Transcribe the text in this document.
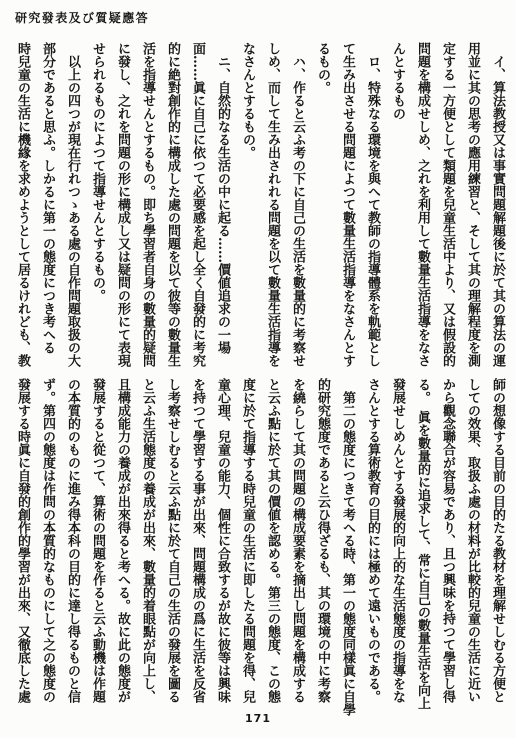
研究發表及び質疑應答
イ、算法教授又は事實問題解題後に於て其の算法の運
用並に其の思考の應用練習と、そして其の理解程度を測
定する一方便として類題を兒童生活中より、又は假設的
問題を構成せしめ、之れを利用して數量生活指導をなさ
んとするもの
ロ、特殊なる環境を與へて教師の指導體系を軌範とし
て生み出させる問題によつて數量生活指導をなさんとす
るもの。
ハ、作ると云ふ考の下に自己の生活を數量的に考察せ
しめ、而して生み出されれる問題を以て數量生活指導を
なさんとするもの。
ニ、自然的なる生活の中に起る……價値追求の一場
面……眞に自己に依つて必要感を起し全く自發的に考究
的に絶對創作的に構成した處の問題を以て彼等の數量生
活を指導せんとするもの。即ち學習者自身の數量的疑問
に發し、之れを問題の形に構成し又は疑問の形にて表現
せられるものによつて指導せんとするもの。
以上の四つが現在行れつゝある處の自作問題取扱の大
部分であると思ふ。しかるに第一の態度につき考へる
時兒童の生活に機緣を求めようとして居るけれども、教
師の想像する目前の目的たる教材を理解せしむる方便と
しての效果、取扱ふ處の材料が比較的兒童の生活に近い
から觀念聯合が容易であり、且つ興味を持つて學習し得
る。　眞を數量的に追求して、常に自己の數量生活を向上
發展せしめんとする發展的向上的な生活態度の指導をな
さんとする算術教育の目的には極めて遠いものである。
第二の態度につきて考へる時、第一の態度同樣眞に自學
的研究態度であると云ひ得ざるも、其の環境の中に考察
を繞らして其の問題の構成要素を摘出し問題を構成する
と云ふ點に於て其の價値を認める。第三の態度、この態
度に於て指導する時兒童の生活に即したる問題を得、兒
童心理、兒童の能力、個性に合致するが故に彼等は興味
を持つて學習する事が出來、問題構成の爲に生活を反省
し考察せしむると云ふ點に於て自己の生活の發展を圖る
と云ふ生活態度の養成が出來、數量的着眼點が向上し、
且構成能力の養成が出來得ると考へる。故に此の態度が
發展すると從つて、算術の問題を作ると云ふ動機は作題
の本質的のものに進み得本科の目的に達し得るものと信
ず。第四の態度は作問の本質的なものにして之の態度の
發展する時眞に自發的創作的學習が出來、又徹底した處
171
